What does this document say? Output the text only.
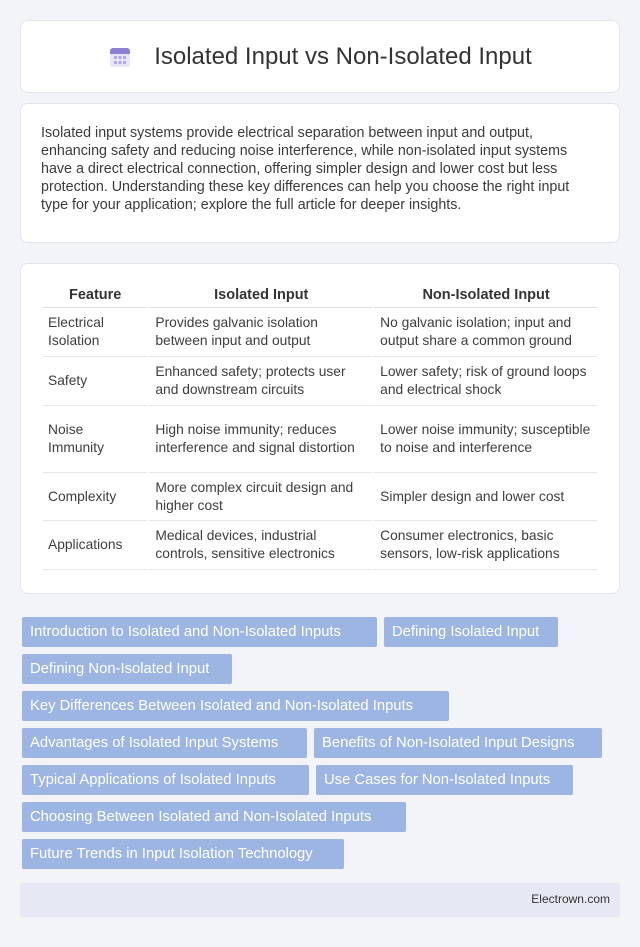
Isolated Input vs Non-Isolated Input

Isolated input systems provide electrical separation between input and output, enhancing safety and reducing noise interference, while non-isolated input systems have a direct electrical connection, offering simpler design and lower cost but less protection. Understanding these key differences can help you choose the right input type for your application; explore the full article for deeper insights.

Feature	Isolated Input	Non-Isolated Input
Electrical Isolation	Provides galvanic isolation between input and output	No galvanic isolation; input and output share a common ground
Safety	Enhanced safety; protects user and downstream circuits	Lower safety; risk of ground loops and electrical shock
Noise Immunity	High noise immunity; reduces interference and signal distortion	Lower noise immunity; susceptible to noise and interference
Complexity	More complex circuit design and higher cost	Simpler design and lower cost
Applications	Medical devices, industrial controls, sensitive electronics	Consumer electronics, basic sensors, low-risk applications
Introduction to Isolated and Non-Isolated Inputs	Defining Isolated Input
Defining Non-Isolated Input
Key Differences Between Isolated and Non-Isolated Inputs
Advantages of Isolated Input Systems	Benefits of Non-Isolated Input Designs
Typical Applications of Isolated Inputs	Use Cases for Non-Isolated Inputs
Choosing Between Isolated and Non-Isolated Inputs
Future Trends in Input Isolation Technology
Electrown.com
